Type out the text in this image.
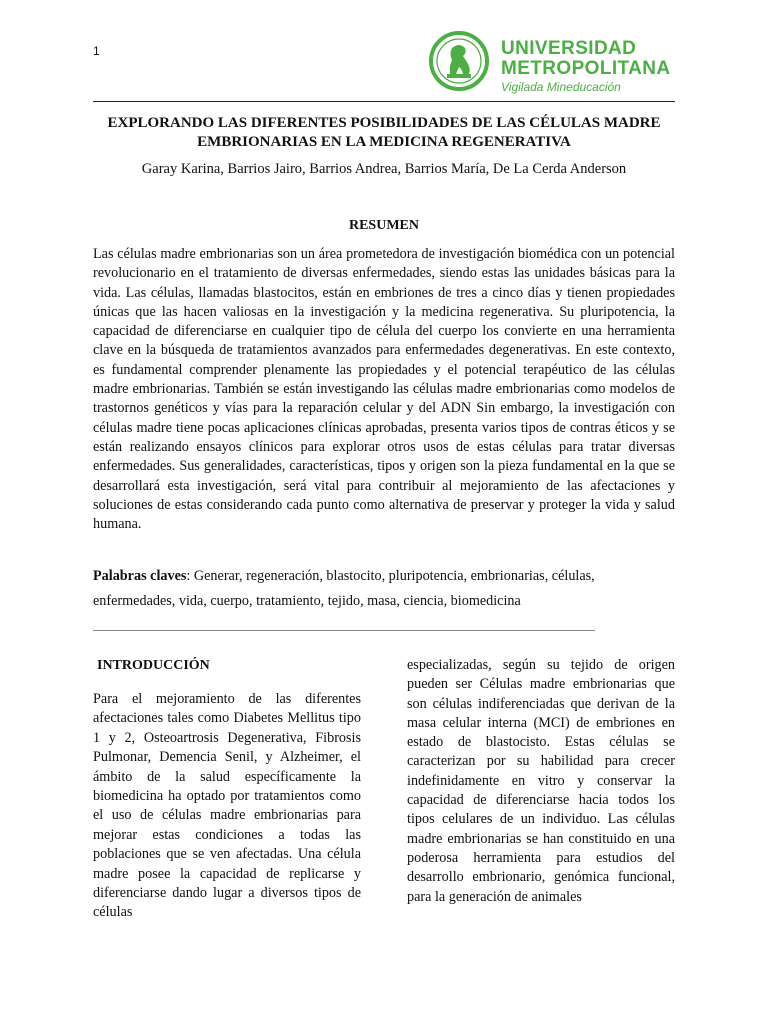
1	UNIVERSIDAD
METROPOLITANA
Vigilada Mineducación
EXPLORANDO LAS DIFERENTES POSIBILIDADES DE LAS CÉLULAS MADRE EMBRIONARIAS EN LA MEDICINA REGENERATIVA
Garay Karina, Barrios Jairo, Barrios Andrea, Barrios María, De La Cerda Anderson
RESUMEN

Las células madre embrionarias son un área prometedora de investigación biomédica con un potencial revolucionario en el tratamiento de diversas enfermedades, siendo estas las unidades básicas para la vida. Las células, llamadas blastocitos, están en embriones de tres a cinco días y tienen propiedades únicas que las hacen valiosas en la investigación y la medicina regenerativa. Su pluripotencia, la capacidad de diferenciarse en cualquier tipo de célula del cuerpo los convierte en una herramienta clave en la búsqueda de tratamientos avanzados para enfermedades degenerativas. En este contexto, es fundamental comprender plenamente las propiedades y el potencial terapéutico de las células madre embrionarias. También se están investigando las células madre embrionarias como modelos de trastornos genéticos y vías para la reparación celular y del ADN Sin embargo, la investigación con células madre tiene pocas aplicaciones clínicas aprobadas, presenta varios tipos de contras éticos y se están realizando ensayos clínicos para explorar otros usos de estas células para tratar diversas enfermedades. Sus generalidades, características, tipos y origen son la pieza fundamental en la que se desarrollará esta investigación, será vital para contribuir al mejoramiento de las afectaciones y soluciones de estas considerando cada punto como alternativa de preservar y proteger la vida y salud humana.

Palabras claves: Generar, regeneración, blastocito, pluripotencia, embrionarias, células, enfermedades, vida, cuerpo, tratamiento, tejido, masa, ciencia, biomedicina

INTRODUCCIÓN

Para el mejoramiento de las diferentes afectaciones tales como Diabetes Mellitus tipo 1 y 2, Osteoartrosis Degenerativa, Fibrosis Pulmonar, Demencia Senil, y Alzheimer, el ámbito de la salud específicamente la biomedicina ha optado por tratamientos como el uso de células madre embrionarias para mejorar estas condiciones a todas las poblaciones que se ven afectadas. Una célula madre posee la capacidad de replicarse y diferenciarse dando lugar a diversos tipos de células

especializadas, según su tejido de origen pueden ser Células madre embrionarias que son células indiferenciadas que derivan de la masa celular interna (MCI) de embriones en estado de blastocisto. Estas células se caracterizan por su habilidad para crecer indefinidamente en vitro y conservar la capacidad de diferenciarse hacia todos los tipos celulares de un individuo. Las células madre embrionarias se han constituido en una poderosa herramienta para estudios del desarrollo embrionario, genómica funcional, para la generación de animales
